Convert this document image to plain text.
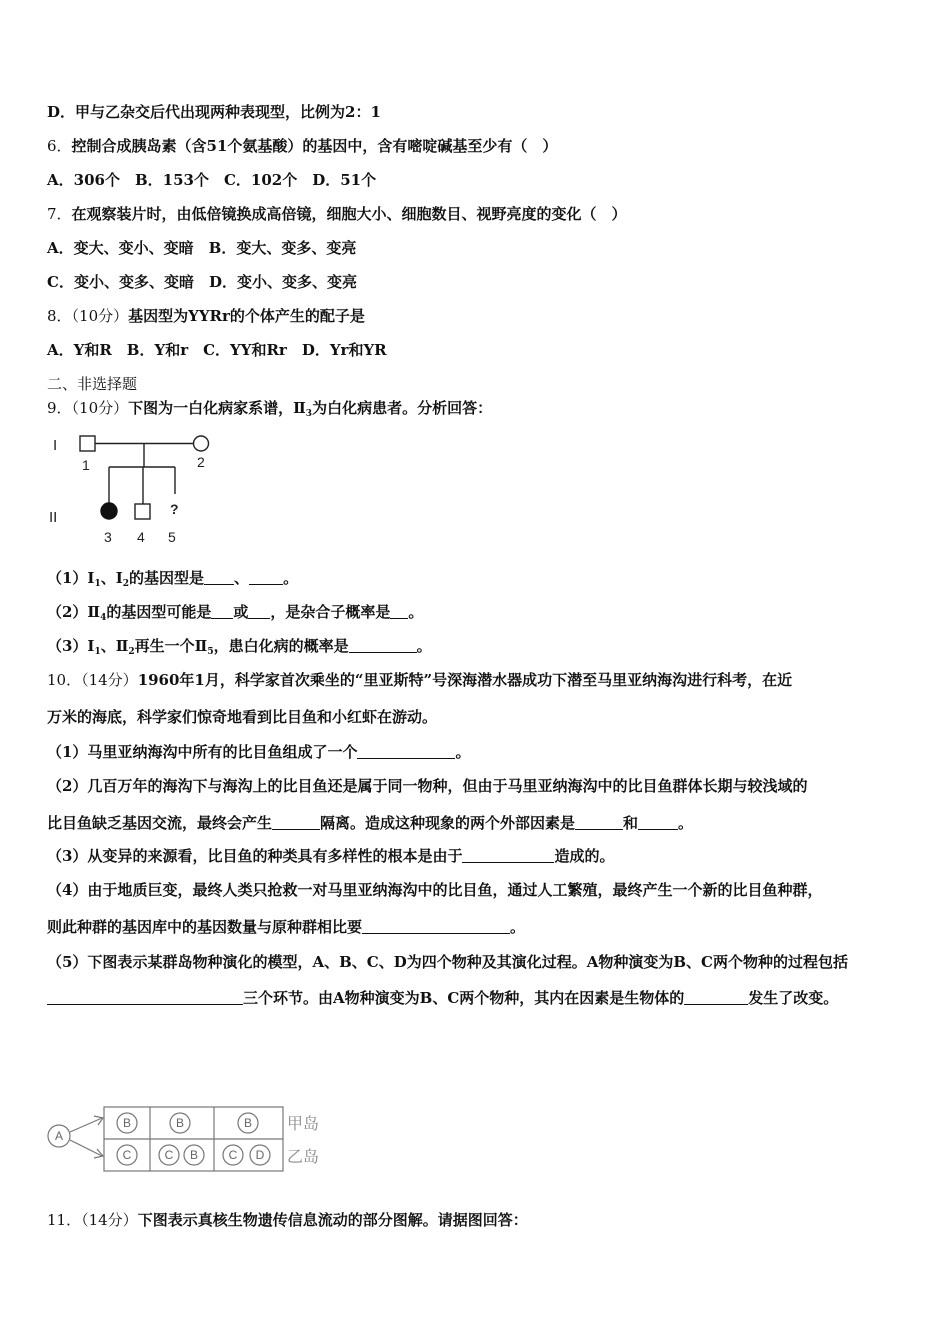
D．甲与乙杂交后代出现两种表现型，比例为2：1
6．控制合成胰岛素（含51个氨基酸）的基因中，含有嘧啶碱基至少有（　）
A．306个　B．153个　C．102个　D．51个
7．在观察装片时，由低倍镜换成高倍镜，细胞大小、细胞数目、视野亮度的变化（　）
A．变大、变小、变暗　B．变大、变多、变亮
C．变小、变多、变暗　D．变小、变多、变亮
8．（10分）基因型为YYRr的个体产生的配子是
A．Y和R　B．Y和r　C．YY和Rr　D．Yr和YR
二、非选择题
9．（10分）下图为一白化病家系谱，$Ⅱ_3$为白化病患者。分析回答：
I
II	?
1	2
3 4 5
$(1)Ⅰ_1$、$Ⅰ_2$的基因型是 、 。
$(2)Ⅱ_4$的基因型可能是 或 ，是杂合子概率是 。
$(3)Ⅰ_1$、$Ⅱ_2$再生一个$Ⅱ_5$，患白化病的概率是	。
10．（14分）1960年1月，科学家首次乘坐的“里亚斯特”号深海潜水器成功下潜至马里亚纳海沟进行科考，在近
万米的海底，科学家们惊奇地看到比目鱼和小红虾在游动。
（1）马里亚纳海沟中所有的比目鱼组成了一个	。
（2）几百万年的海沟下与海沟上的比目鱼还是属于同一物种，但由于马里亚纳海沟中的比目鱼群体长期与较浅域的
比目鱼缺乏基因交流，最终会产生	隔离。造成这种现象的两个外部因素是	和	。
（3）从变异的来源看，比目鱼的种类具有多样性的根本是由于	造成的。
（4）由于地质巨变，最终人类只抢救一对马里亚纳海沟中的比目鱼，通过人工繁殖，最终产生一个新的比目鱼种群，
则此种群的基因库中的基因数量与原种群相比要	。
（5）下图表示某群岛物种演化的模型，A、B、C、D为四个物种及其演化过程。A物种演变为B、C两个物种的过程包括
三个环节。由A物种演变为B、C两个物种，其内在因素是生物体的	发生了改变。
A
B	B	B
C	C B	C D
甲岛
乙岛
11．（14分）下图表示真核生物遗传信息流动的部分图解。请据图回答：
